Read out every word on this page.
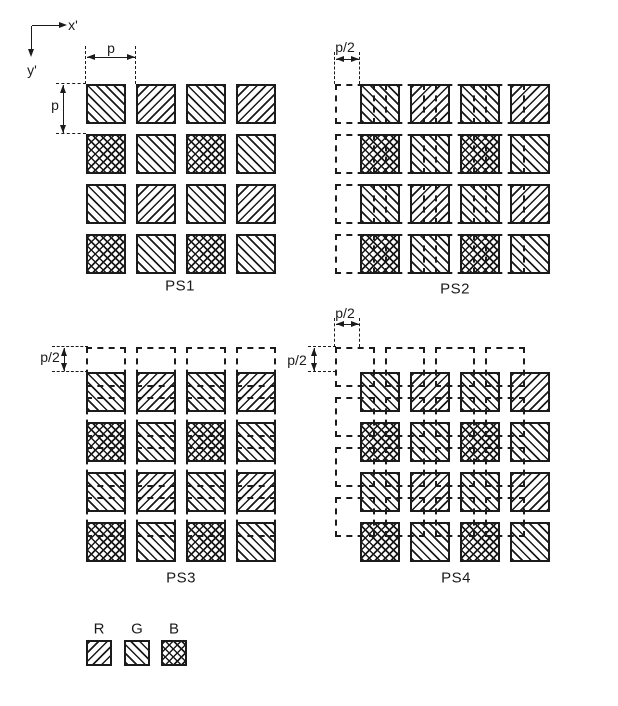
x'
y'
p
p
PS1
p/2
PS2
p/2
PS3
p/2
p/2
PS4
R G B
